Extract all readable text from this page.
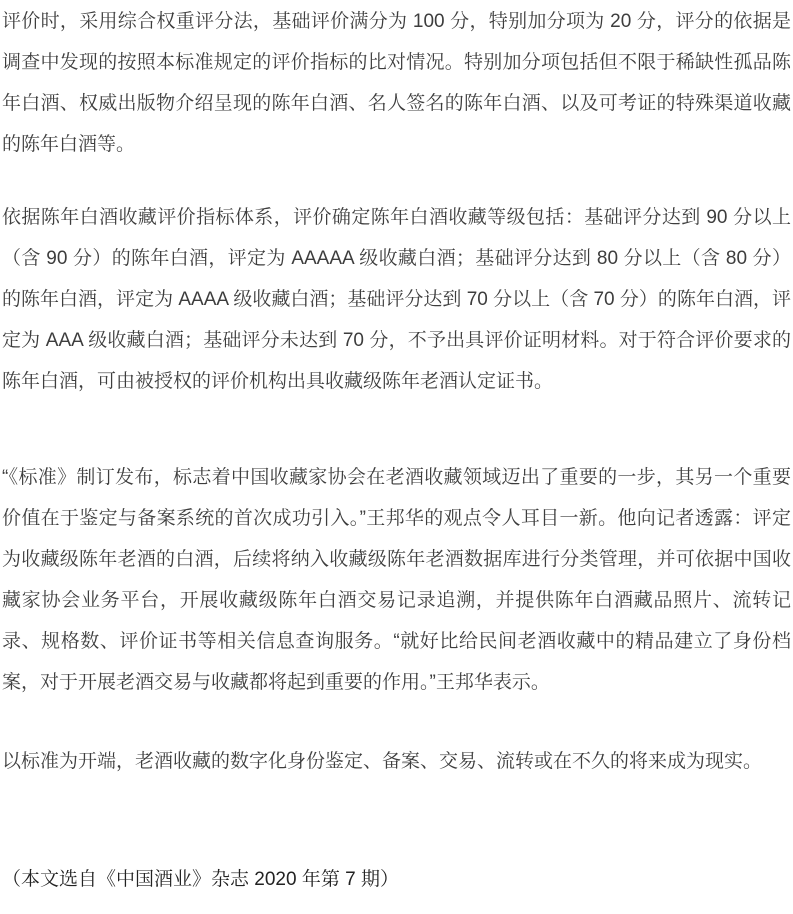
评价时，采用综合权重评分法，基础评价满分为 100 分，特别加分项为 20 分，评分的依据是调查中发现的按照本标准规定的评价指标的比对情况。特别加分项包括但不限于稀缺性孤品陈年白酒、权威出版物介绍呈现的陈年白酒、名人签名的陈年白酒、以及可考证的特殊渠道收藏的陈年白酒等。

依据陈年白酒收藏评价指标体系，评价确定陈年白酒收藏等级包括：基础评分达到 90 分以上（含 90 分）的陈年白酒，评定为 AAAAA 级收藏白酒；基础评分达到 80 分以上（含 80 分）的陈年白酒，评定为 AAAA 级收藏白酒；基础评分达到 70 分以上（含 70 分）的陈年白酒，评定为 AAA 级收藏白酒；基础评分未达到 70 分，不予出具评价证明材料。对于符合评价要求的陈年白酒，可由被授权的评价机构出具收藏级陈年老酒认定证书。

“《标准》制订发布，标志着中国收藏家协会在老酒收藏领域迈出了重要的一步，其另一个重要价值在于鉴定与备案系统的首次成功引入。”王邦华的观点令人耳目一新。他向记者透露：评定为收藏级陈年老酒的白酒，后续将纳入收藏级陈年老酒数据库进行分类管理，并可依据中国收藏家协会业务平台，开展收藏级陈年白酒交易记录追溯，并提供陈年白酒藏品照片、流转记录、规格数、评价证书等相关信息查询服务。“就好比给民间老酒收藏中的精品建立了身份档案，对于开展老酒交易与收藏都将起到重要的作用。”王邦华表示。

以标准为开端，老酒收藏的数字化身份鉴定、备案、交易、流转或在不久的将来成为现实。

（本文选自《中国酒业》杂志 2020 年第 7 期）
